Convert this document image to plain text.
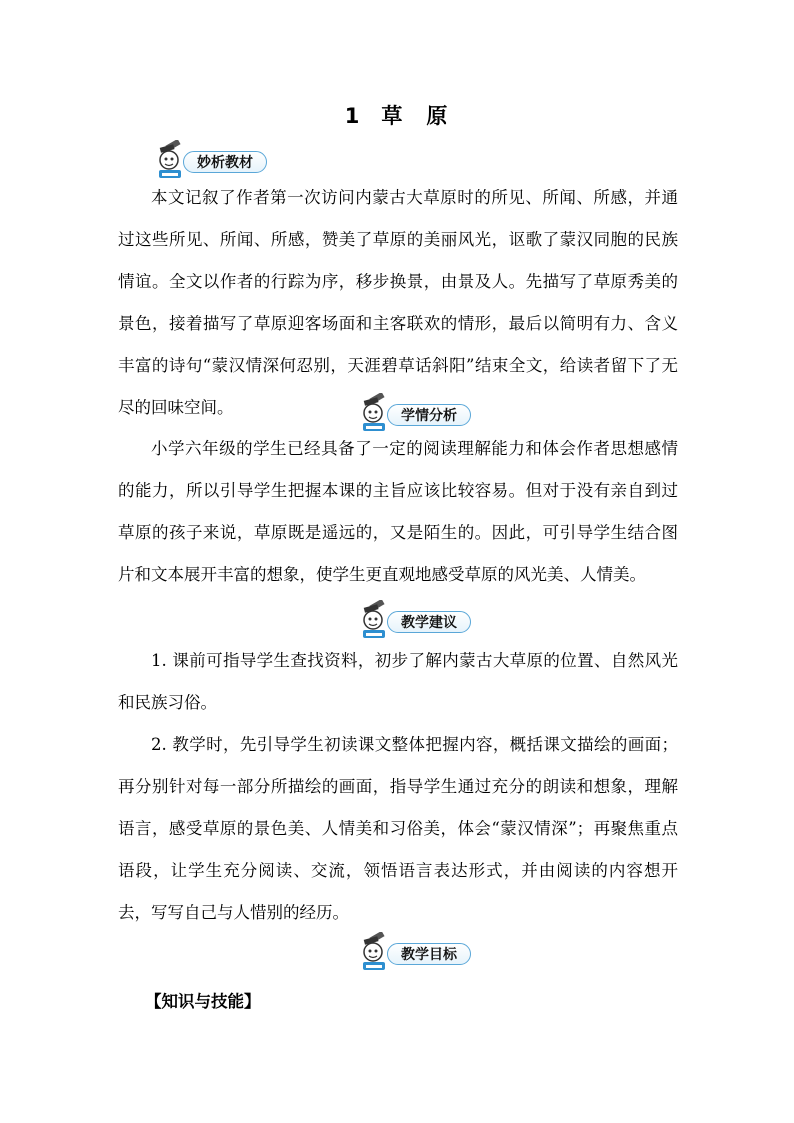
1 草 原
妙析教材
本文记叙了作者第一次访问内蒙古大草原时的所见、所闻、所感，并通过这些所见、所闻、所感，赞美了草原的美丽风光，讴歌了蒙汉同胞的民族情谊。全文以作者的行踪为序，移步换景，由景及人。先描写了草原秀美的景色，接着描写了草原迎客场面和主客联欢的情形，最后以简明有力、含义丰富的诗句“蒙汉情深何忍别，天涯碧草话斜阳”结束全文，给读者留下了无尽的回味空间。	学情分析
小学六年级的学生已经具备了一定的阅读理解能力和体会作者思想感情的能力，所以引导学生把握本课的主旨应该比较容易。但对于没有亲自到过草原的孩子来说，草原既是遥远的，又是陌生的。因此，可引导学生结合图片和文本展开丰富的想象，使学生更直观地感受草原的风光美、人情美。
教学建议
1. 课前可指导学生查找资料，初步了解内蒙古大草原的位置、自然风光和民族习俗。
2. 教学时，先引导学生初读课文整体把握内容，概括课文描绘的画面；再分别针对每一部分所描绘的画面，指导学生通过充分的朗读和想象，理解语言，感受草原的景色美、人情美和习俗美，体会“蒙汉情深”；再聚焦重点语段，让学生充分阅读、交流，领悟语言表达形式，并由阅读的内容想开去，写写自己与人惜别的经历。
教学目标
【知识与技能】
